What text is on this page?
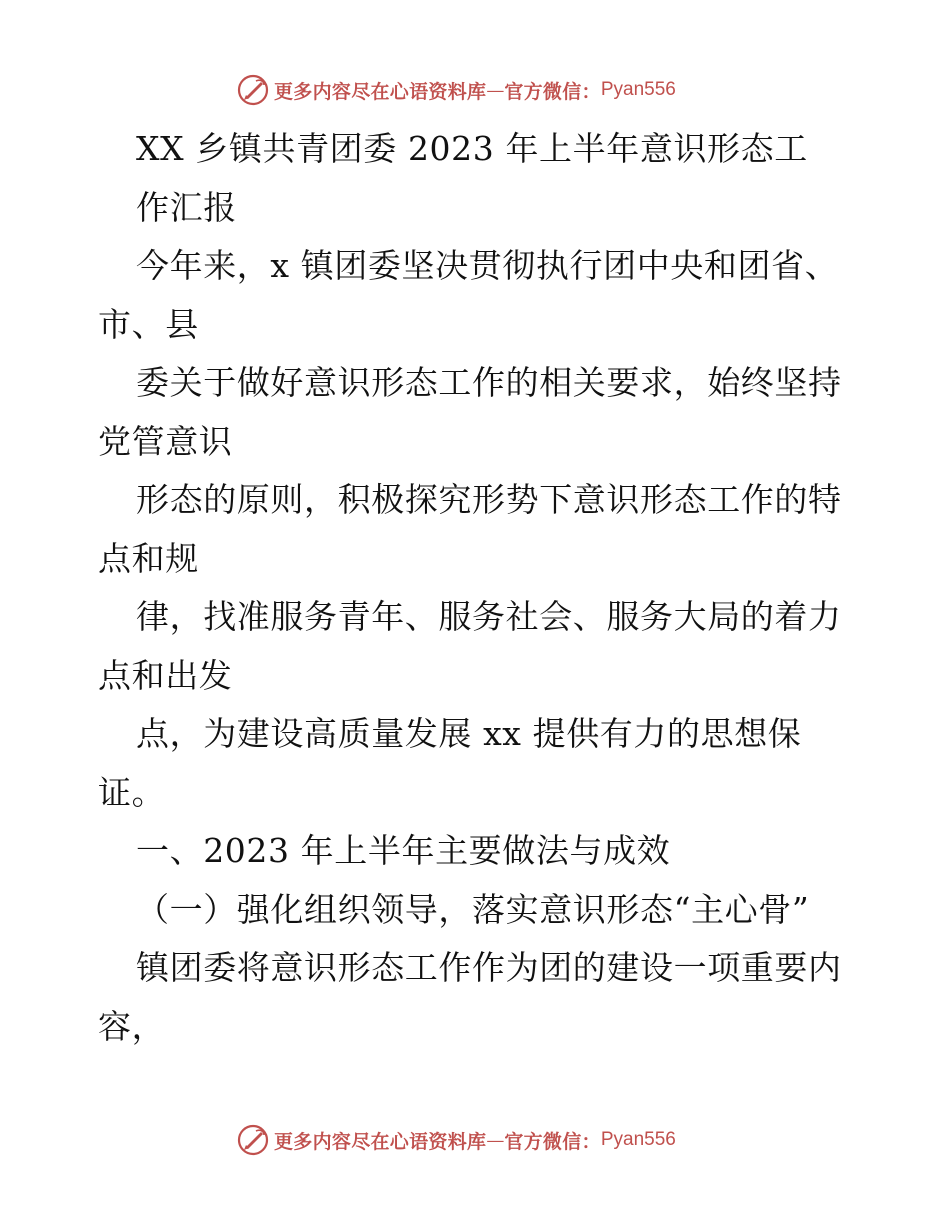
更多内容尽在心语资料库 — 官方微信： Pyan556
XX 乡镇共青团委 2023 年上半年意识形态工
作汇报
今年来，x 镇团委坚决贯彻执行团中央和团省、
市、县
委关于做好意识形态工作的相关要求，始终坚持
党管意识
形态的原则，积极探究形势下意识形态工作的特
点和规
律，找准服务青年、服务社会、服务大局的着力
点和出发
点，为建设高质量发展 xx 提供有力的思想保
证。
一、2023 年上半年主要做法与成效
（一）强化组织领导，落实意识形态“主心骨”
镇团委将意识形态工作作为团的建设一项重要内
容，
更多内容尽在心语资料库 — 官方微信： Pyan556
